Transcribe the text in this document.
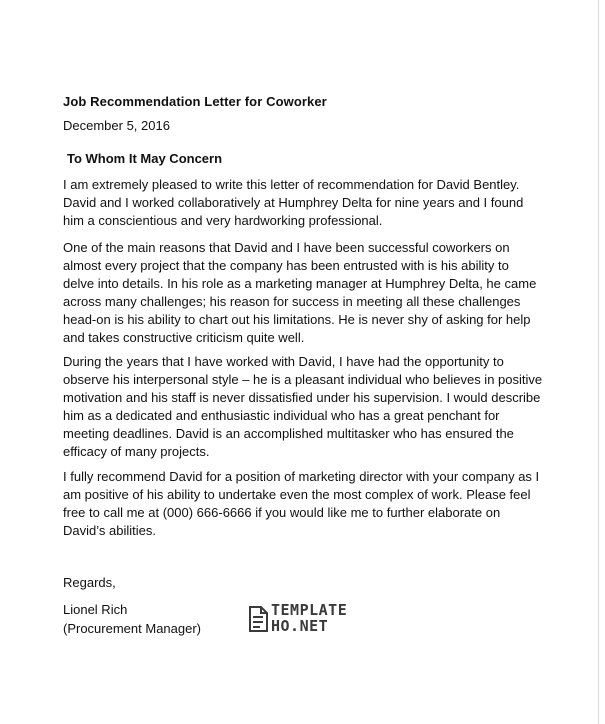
Job Recommendation Letter for Coworker
December 5, 2016
To Whom It May Concern

I am extremely pleased to write this letter of recommendation for David Bentley. David and I worked collaboratively at Humphrey Delta for nine years and I found him a conscientious and very hardworking professional.

One of the main reasons that David and I have been successful coworkers on almost every project that the company has been entrusted with is his ability to delve into details. In his role as a marketing manager at Humphrey Delta, he came across many challenges; his reason for success in meeting all these challenges head-on is his ability to chart out his limitations. He is never shy of asking for help and takes constructive criticism quite well.

During the years that I have worked with David, I have had the opportunity to observe his interpersonal style – he is a pleasant individual who believes in positive motivation and his staff is never dissatisfied under his supervision. I would describe him as a dedicated and enthusiastic individual who has a great penchant for meeting deadlines. David is an accomplished multitasker who has ensured the efficacy of many projects.

I fully recommend David for a position of marketing director with your company as I am positive of his ability to undertake even the most complex of work. Please feel free to call me at (000) 666-6666 if you would like me to further elaborate on David’s abilities.

Regards,
Lionel Rich
(Procurement Manager)
TEMPLATE
HO.NET
